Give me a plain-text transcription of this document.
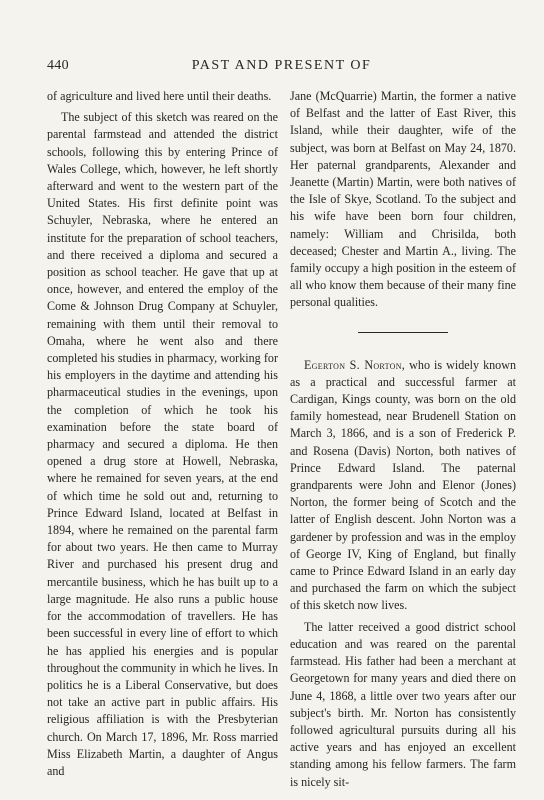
440	PAST AND PRESENT OF

of agriculture and lived here until their deaths.

The subject of this sketch was reared on the parental farmstead and attended the district schools, following this by entering Prince of Wales College, which, however, he left shortly afterward and went to the western part of the United States. His first definite point was Schuyler, Nebraska, where he entered an institute for the preparation of school teachers, and there received a diploma and secured a position as school teacher. He gave that up at once, however, and entered the employ of the Come & Johnson Drug Company at Schuyler, remaining with them until their removal to Omaha, where he went also and there completed his studies in pharmacy, working for his employers in the daytime and attending his pharmaceutical studies in the evenings, upon the completion of which he took his examination before the state board of pharmacy and secured a diploma. He then opened a drug store at Howell, Nebraska, where he remained for seven years, at the end of which time he sold out and, returning to Prince Edward Island, located at Belfast in 1894, where he remained on the parental farm for about two years. He then came to Murray River and purchased his present drug and mercantile business, which he has built up to a large magnitude. He also runs a public house for the accommodation of travellers. He has been successful in every line of effort to which he has applied his energies and is popular throughout the community in which he lives. In politics he is a Liberal Conservative, but does not take an active part in public affairs. His religious affiliation is with the Presbyterian church. On March 17, 1896, Mr. Ross married Miss Elizabeth Martin, a daughter of Angus and

Jane (McQuarrie) Martin, the former a native of Belfast and the latter of East River, this Island, while their daughter, wife of the subject, was born at Belfast on May 24, 1870. Her paternal grandparents, Alexander and Jeanette (Martin) Martin, were both natives of the Isle of Skye, Scotland. To the subject and his wife have been born four children, namely: William and Chrisilda, both deceased; Chester and Martin A., living. The family occupy a high position in the esteem of all who know them because of their many fine personal qualities.

Egerton S. Norton, who is widely known as a practical and successful farmer at Cardigan, Kings county, was born on the old family homestead, near Brudenell Station on March 3, 1866, and is a son of Frederick P. and Rosena (Davis) Norton, both natives of Prince Edward Island. The paternal grandparents were John and Elenor (Jones) Norton, the former being of Scotch and the latter of English descent. John Norton was a gardener by profession and was in the employ of George IV, King of England, but finally came to Prince Edward Island in an early day and purchased the farm on which the subject of this sketch now lives.

The latter received a good district school education and was reared on the parental farmstead. His father had been a merchant at Georgetown for many years and died there on June 4, 1868, a little over two years after our subject's birth. Mr. Norton has consistently followed agricultural pursuits during all his active years and has enjoyed an excellent standing among his fellow farmers. The farm is nicely sit-
